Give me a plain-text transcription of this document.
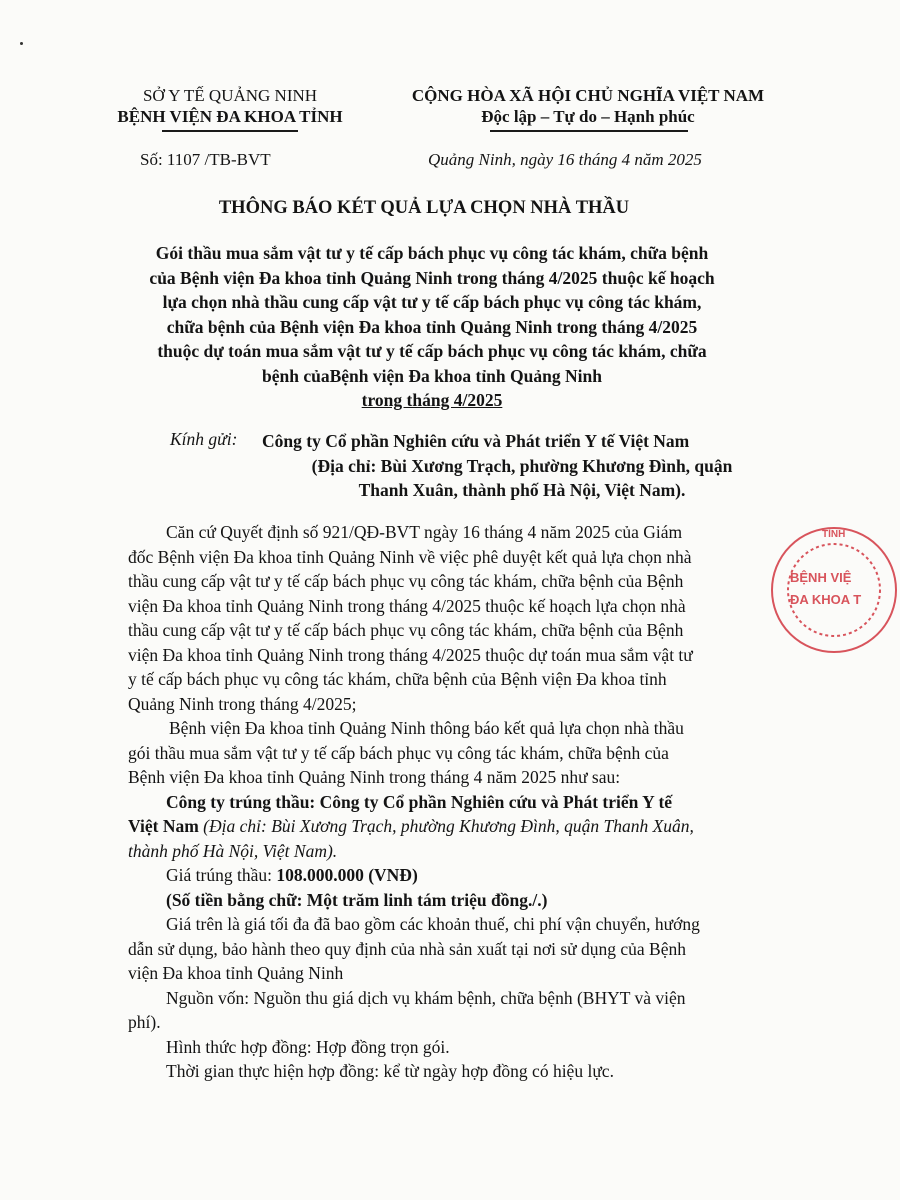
SỞ Y TẾ QUẢNG NINH
BỆNH VIỆN ĐA KHOA TỈNH
CỘNG HÒA XÃ HỘI CHỦ NGHĨA VIỆT NAM
Độc lập – Tự do – Hạnh phúc
Số: 1107 /TB-BVT	Quảng Ninh, ngày 16 tháng 4 năm 2025
THÔNG BÁO KÉT QUẢ LỰA CHỌN NHÀ THẦU
Gói thầu mua sắm vật tư y tế cấp bách phục vụ công tác khám, chữa bệnh
của Bệnh viện Đa khoa tỉnh Quảng Ninh trong tháng 4/2025 thuộc kế hoạch
lựa chọn nhà thầu cung cấp vật tư y tế cấp bách phục vụ công tác khám,
chữa bệnh của Bệnh viện Đa khoa tỉnh Quảng Ninh trong tháng 4/2025
thuộc dự toán mua sắm vật tư y tế cấp bách phục vụ công tác khám, chữa
bệnh củaBệnh viện Đa khoa tỉnh Quảng Ninh
trong tháng 4/2025
Kính gửi: Công ty Cổ phần Nghiên cứu và Phát triển Y tế Việt Nam
(Địa chỉ: Bùi Xương Trạch, phường Khương Đình, quận
Thanh Xuân, thành phố Hà Nội, Việt Nam).
Căn cứ Quyết định số 921/QĐ-BVT ngày 16 tháng 4 năm 2025 của Giám
đốc Bệnh viện Đa khoa tỉnh Quảng Ninh về việc phê duyệt kết quả lựa chọn nhà
thầu cung cấp vật tư y tế cấp bách phục vụ công tác khám, chữa bệnh của Bệnh
viện Đa khoa tỉnh Quảng Ninh trong tháng 4/2025 thuộc kế hoạch lựa chọn nhà
thầu cung cấp vật tư y tế cấp bách phục vụ công tác khám, chữa bệnh của Bệnh
viện Đa khoa tỉnh Quảng Ninh trong tháng 4/2025 thuộc dự toán mua sắm vật tư
y tế cấp bách phục vụ công tác khám, chữa bệnh của Bệnh viện Đa khoa tỉnh
Quảng Ninh trong tháng 4/2025;
Bệnh viện Đa khoa tỉnh Quảng Ninh thông báo kết quả lựa chọn nhà thầu
gói thầu mua sắm vật tư y tế cấp bách phục vụ công tác khám, chữa bệnh của
Bệnh viện Đa khoa tỉnh Quảng Ninh trong tháng 4 năm 2025 như sau:
Công ty trúng thầu: Công ty Cổ phần Nghiên cứu và Phát triển Y tế
Việt Nam (Địa chỉ: Bùi Xương Trạch, phường Khương Đình, quận Thanh Xuân,
thành phố Hà Nội, Việt Nam).
Giá trúng thầu: 108.000.000 (VNĐ)
(Số tiền bằng chữ: Một trăm linh tám triệu đồng./.)
Giá trên là giá tối đa đã bao gồm các khoản thuế, chi phí vận chuyển, hướng
dẫn sử dụng, bảo hành theo quy định của nhà sản xuất tại nơi sử dụng của Bệnh
viện Đa khoa tỉnh Quảng Ninh
Nguồn vốn: Nguồn thu giá dịch vụ khám bệnh, chữa bệnh (BHYT và viện
phí).
Hình thức hợp đồng: Hợp đồng trọn gói.
Thời gian thực hiện hợp đồng: kể từ ngày hợp đồng có hiệu lực.
TỈNH
BỆNH VIỆ
ĐA KHOA T
